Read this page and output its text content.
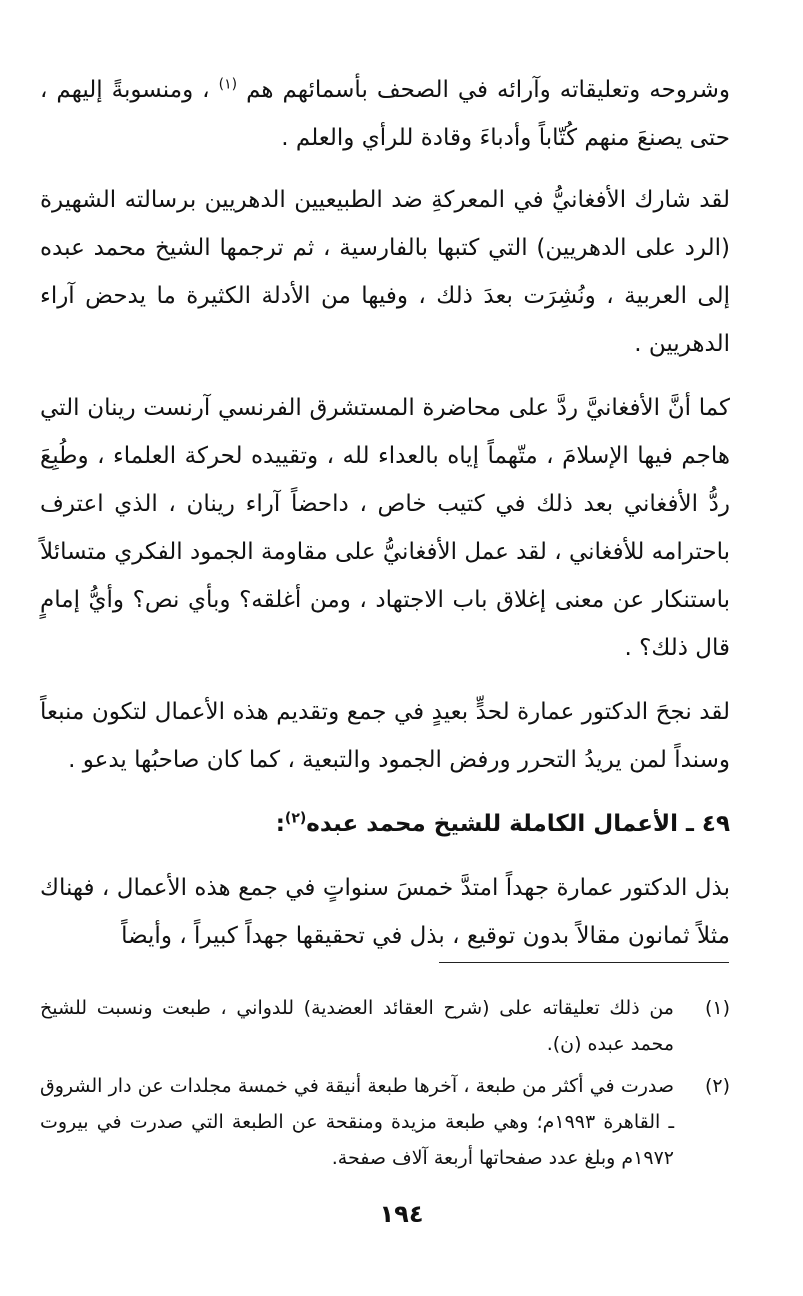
وشروحه وتعليقاته وآرائه في الصحف بأسمائهم هم $^{(١)}$ ، ومنسوبةً إليهم ، حتى يصنعَ منهم كُتّاباً وأدباءَ وقادة للرأي والعلم .

لقد شارك الأفغانيُّ في المعركةِ ضد الطبيعيين الدهريين برسالته الشهيرة (الرد على الدهريين) التي كتبها بالفارسية ، ثم ترجمها الشيخ محمد عبده إلى العربية ، ونُشِرَت بعدَ ذلك ، وفيها من الأدلة الكثيرة ما يدحض آراء الدهريين .

كما أنَّ الأفغانيَّ ردَّ على محاضرة المستشرق الفرنسي آرنست رينان التي هاجم فيها الإسلامَ ، متّهماً إياه بالعداء لله ، وتقييده لحركة العلماء ، وطُبِعَ ردُّ الأفغاني بعد ذلك في كتيب خاص ، داحضاً آراء رينان ، الذي اعترف باحترامه للأفغاني ، لقد عمل الأفغانيُّ على مقاومة الجمود الفكري متسائلاً باستنكار عن معنى إغلاق باب الاجتهاد ، ومن أغلقه؟ وبأي نص؟ وأيُّ إمامٍ قال ذلك؟ .

لقد نجحَ الدكتور عمارة لحدٍّ بعيدٍ في جمع وتقديم هذه الأعمال لتكون منبعاً وسنداً لمن يريدُ التحرر ورفض الجمود والتبعية ، كما كان صاحبُها يدعو .

٤٩ ـ الأعمال الكاملة للشيخ محمد عبده$^{(٢)}$:

بذل الدكتور عمارة جهداً امتدَّ خمسَ سنواتٍ في جمع هذه الأعمال ، فهناك مثلاً ثمانون مقالاً بدون توقيع ، بذل في تحقيقها جهداً كبيراً ، وأيضاً

(١)
من ذلك تعليقاته على (شرح العقائد العضدية) للدواني ، طبعت ونسبت للشيخ محمد عبده (ن).
(٢)
صدرت في أكثر من طبعة ، آخرها طبعة أنيقة في خمسة مجلدات عن دار الشروق ـ القاهرة ١٩٩٣م؛ وهي طبعة مزيدة ومنقحة عن الطبعة التي صدرت في بيروت ١٩٧٢م وبلغ عدد صفحاتها أربعة آلاف صفحة.
١٩٤
